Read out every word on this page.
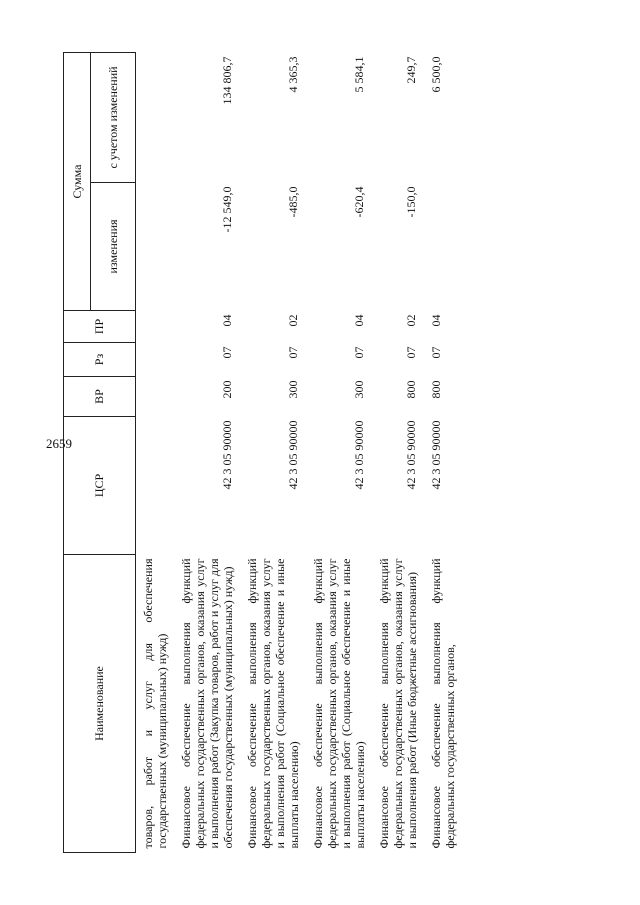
2659
Наименование	ЦСР	ВР	Рз	ПР	Сумма	
					изменения	с учетом изменений
товаров, работ и услуг для обеспечения государственных (муниципальных) нужд)						
Финансовое обеспечение выполнения функций федеральных государственных органов, оказания услуг и выполнения работ (Закупка товаров, работ и услуг для обеспечения государственных (муниципальных) нужд)	42 3 05 90000	200	07	04	-12 549,0	134 806,7
Финансовое обеспечение выполнения функций федеральных государственных органов, оказания услуг и выполнения работ (Социальное обеспечение и иные выплаты населению)	42 3 05 90000	300	07	02	-485,0	4 365,3
Финансовое обеспечение выполнения функций федеральных государственных органов, оказания услуг и выполнения работ (Социальное обеспечение и иные выплаты населению)	42 3 05 90000	300	07	04	-620,4	5 584,1
Финансовое обеспечение выполнения функций федеральных государственных органов, оказания услуг и выполнения работ (Иные бюджетные ассигнования)	42 3 05 90000	800	07	02	-150,0	249,7
Финансовое обеспечение выполнения функций федеральных государственных органов,	42 3 05 90000	800	07	04		6 500,0
